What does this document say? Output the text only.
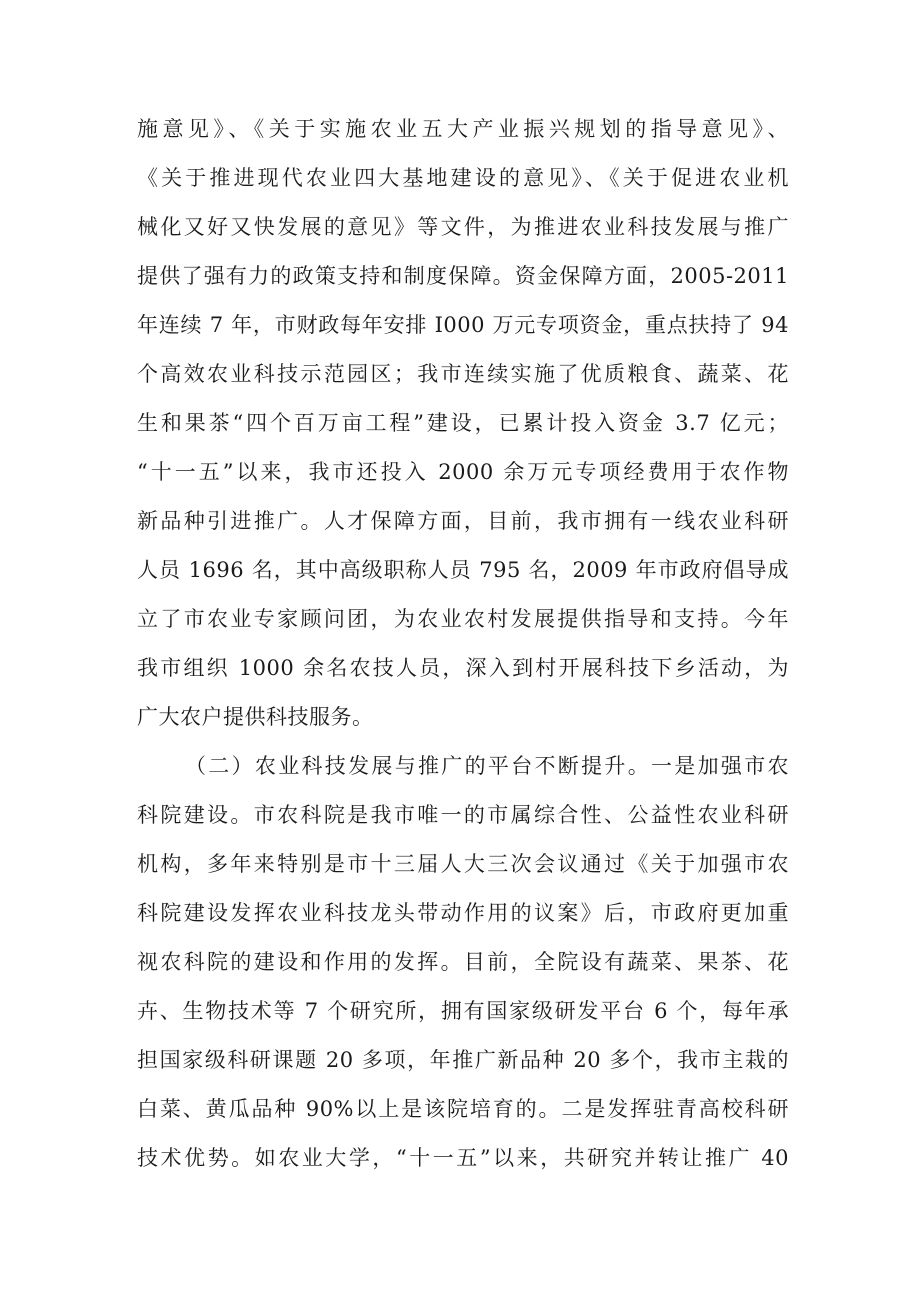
施意见》、《关于实施农业五大产业振兴规划的指导意见》、
《关于推进现代农业四大基地建设的意见》、《关于促进农业机
械化又好又快发展的意见》等文件，为推进农业科技发展与推广
提供了强有力的政策支持和制度保障。资金保障方面，2005-2011
年连续 7 年，市财政每年安排 I000 万元专项资金，重点扶持了 94
个高效农业科技示范园区；我市连续实施了优质粮食、蔬菜、花
生和果茶“四个百万亩工程”建设，已累计投入资金 3.7 亿元；
“十一五”以来，我市还投入 2000 余万元专项经费用于农作物
新品种引进推广。人才保障方面，目前，我市拥有一线农业科研
人员 1696 名，其中高级职称人员 795 名，2009 年市政府倡导成
立了市农业专家顾问团，为农业农村发展提供指导和支持。今年
我市组织 1000 余名农技人员，深入到村开展科技下乡活动，为
广大农户提供科技服务。
（二）农业科技发展与推广的平台不断提升。一是加强市农
科院建设。市农科院是我市唯一的市属综合性、公益性农业科研
机构，多年来特别是市十三届人大三次会议通过《关于加强市农
科院建设发挥农业科技龙头带动作用的议案》后，市政府更加重
视农科院的建设和作用的发挥。目前，全院设有蔬菜、果茶、花
卉、生物技术等 7 个研究所，拥有国家级研发平台 6 个，每年承
担国家级科研课题 20 多项，年推广新品种 20 多个，我市主栽的
白菜、黄瓜品种 90%以上是该院培育的。二是发挥驻青高校科研
技术优势。如农业大学，“十一五”以来，共研究并转让推广 40
